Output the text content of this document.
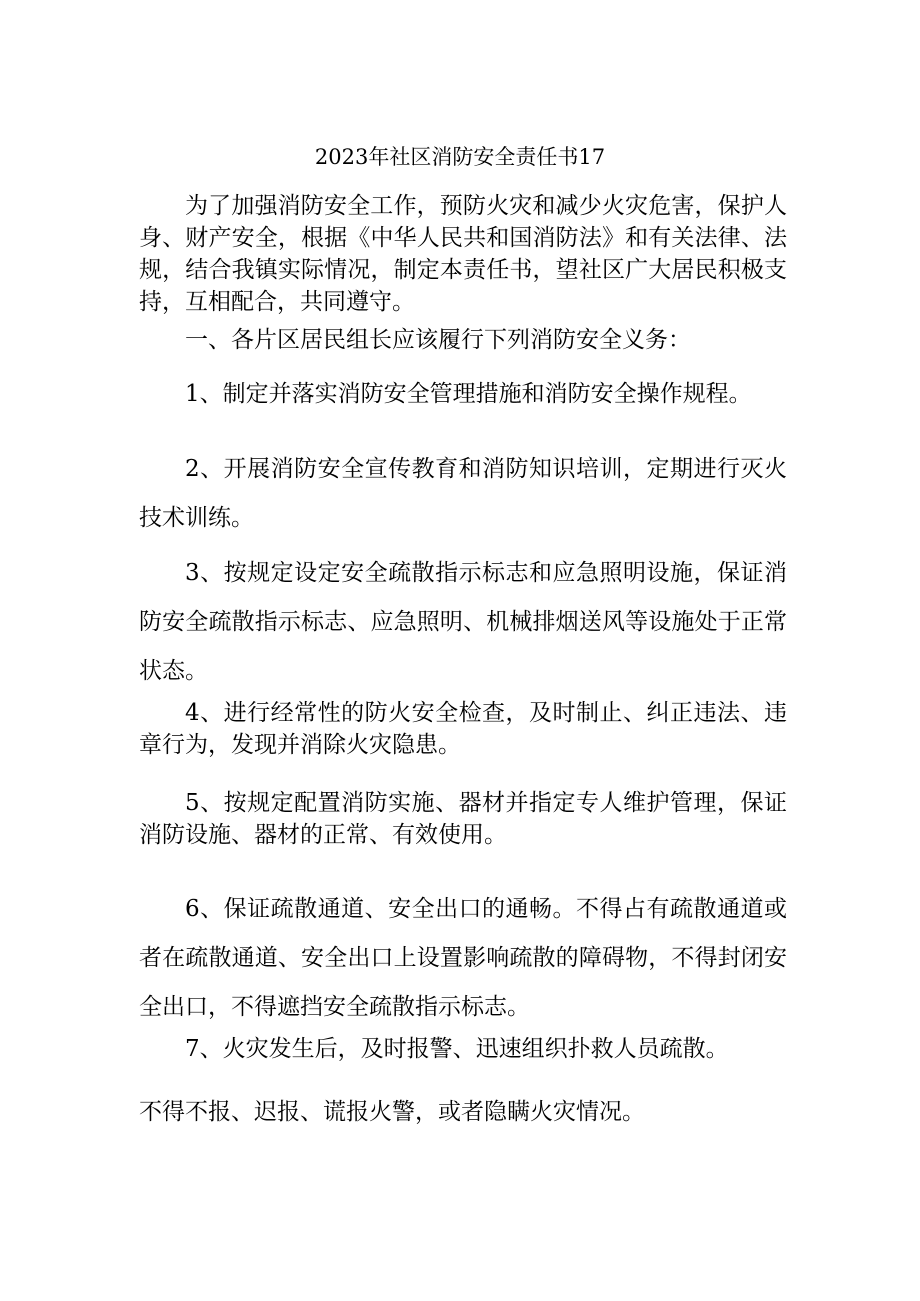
2023年社区消防安全责任书17

为了加强消防安全工作，预防火灾和减少火灾危害，保护人身、财产安全，根据《中华人民共和国消防法》和有关法律、法规，结合我镇实际情况，制定本责任书，望社区广大居民积极支持，互相配合，共同遵守。

一、各片区居民组长应该履行下列消防安全义务：

1、制定并落实消防安全管理措施和消防安全操作规程。

2、开展消防安全宣传教育和消防知识培训，定期进行灭火技术训练。

3、按规定设定安全疏散指示标志和应急照明设施，保证消防安全疏散指示标志、应急照明、机械排烟送风等设施处于正常状态。

4、进行经常性的防火安全检查，及时制止、纠正违法、违章行为，发现并消除火灾隐患。

5、按规定配置消防实施、器材并指定专人维护管理，保证消防设施、器材的正常、有效使用。

6、保证疏散通道、安全出口的通畅。不得占有疏散通道或者在疏散通道、安全出口上设置影响疏散的障碍物，不得封闭安全出口，不得遮挡安全疏散指示标志。

7、火灾发生后，及时报警、迅速组织扑救人员疏散。

不得不报、迟报、谎报火警，或者隐瞒火灾情况。
